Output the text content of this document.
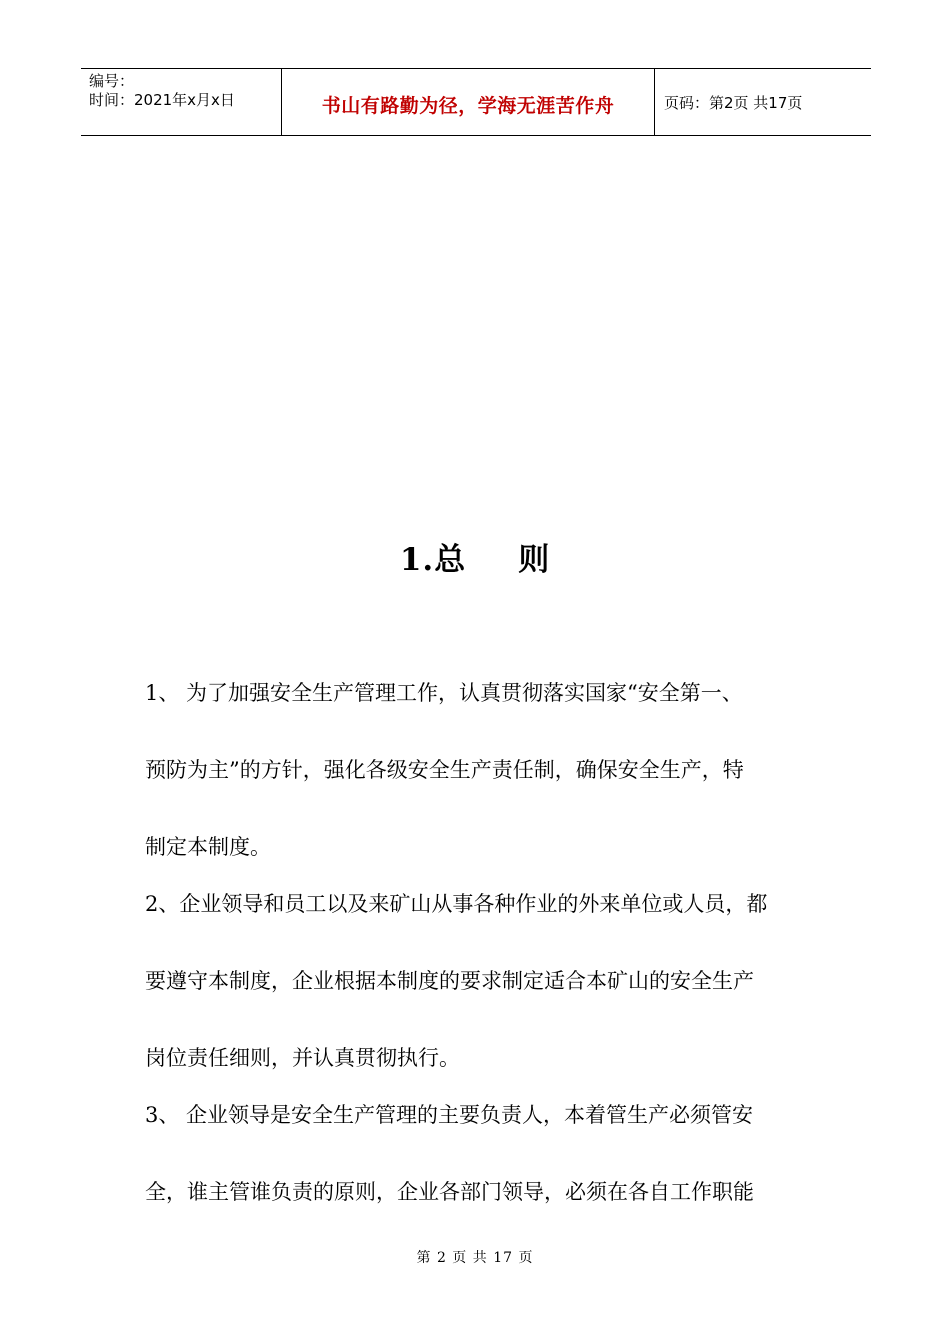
编号：
时间：2021年x月x日	书山有路勤为径，学海无涯苦作舟	页码：第2页 共17页
1.总 则
1、 为了加强安全生产管理工作，认真贯彻落实国家“安全第一、
预防为主”的方针，强化各级安全生产责任制，确保安全生产，特
制定本制度。
2、企业领导和员工以及来矿山从事各种作业的外来单位或人员，都
要遵守本制度，企业根据本制度的要求制定适合本矿山的安全生产
岗位责任细则，并认真贯彻执行。
3、 企业领导是安全生产管理的主要负责人，本着管生产必须管安
全，谁主管谁负责的原则，企业各部门领导，必须在各自工作职能
第 2 页 共 17 页
